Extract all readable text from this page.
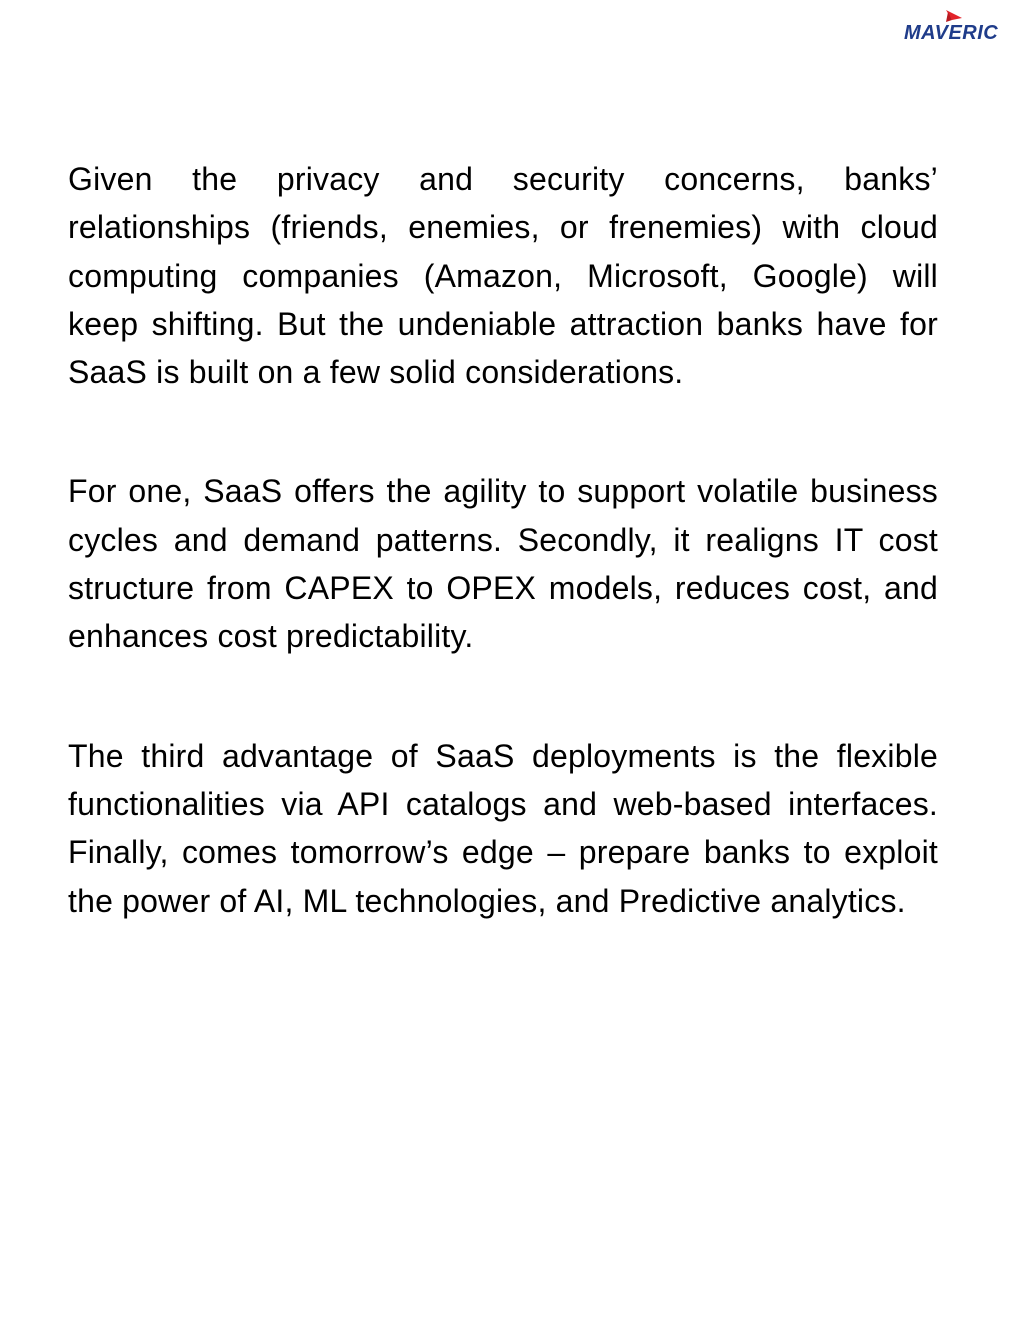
MAVERIC

Given the privacy and security concerns, banks’ relationships (friends, enemies, or frenemies) with cloud computing companies (Amazon, Microsoft, Google) will keep shifting. But the undeniable attraction banks have for SaaS is built on a few solid considerations.

For one, SaaS offers the agility to support volatile business cycles and demand patterns. Secondly, it realigns IT cost structure from CAPEX to OPEX models, reduces cost, and enhances cost predictability.

The third advantage of SaaS deployments is the flexible functionalities via API catalogs and web-based interfaces. Finally, comes tomorrow’s edge – prepare banks to exploit the power of AI, ML technologies, and Predictive analytics.
